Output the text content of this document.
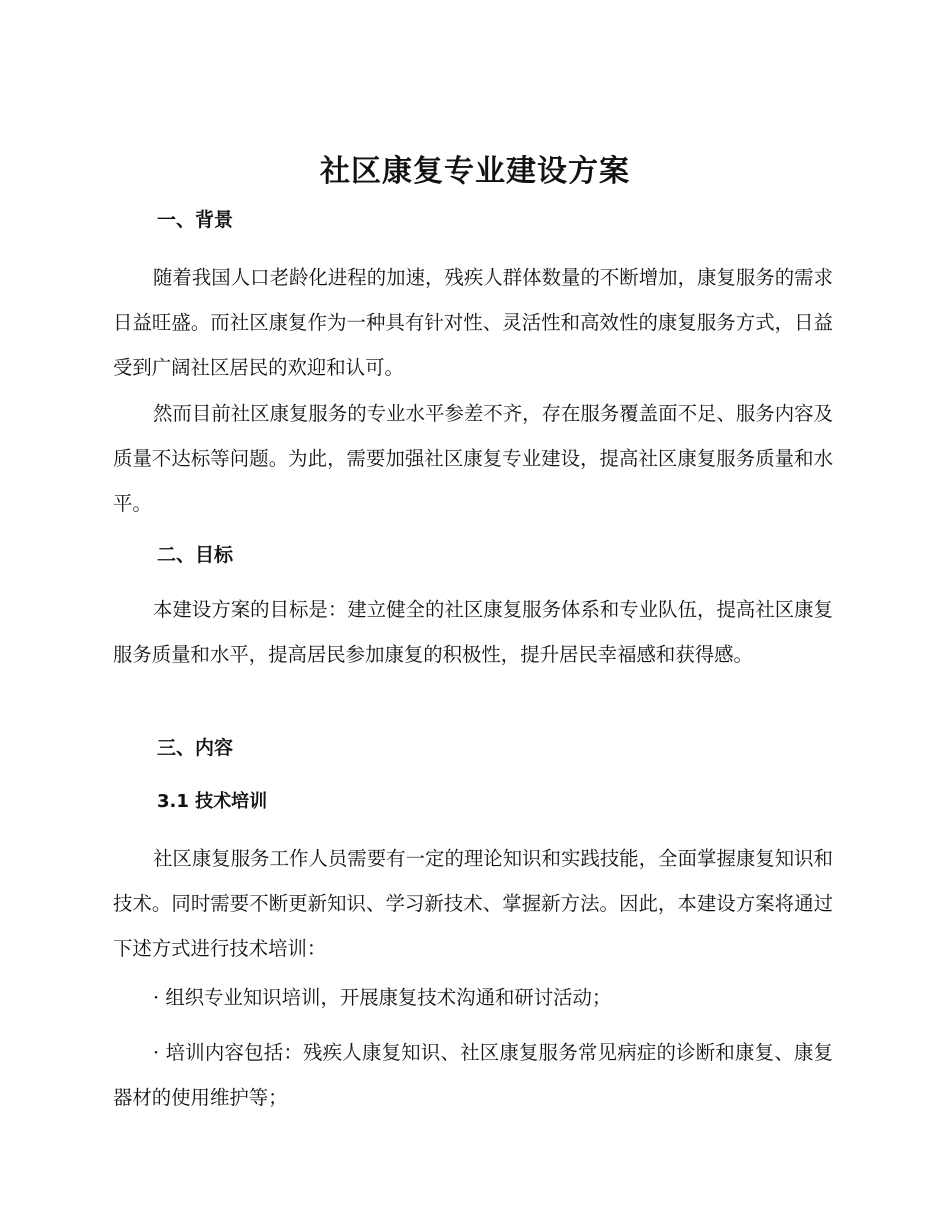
社区康复专业建设方案
一、背景

随着我国人口老龄化进程的加速，残疾人群体数量的不断增加，康复服务的需求日益旺盛。而社区康复作为一种具有针对性、灵活性和高效性的康复服务方式，日益受到广阔社区居民的欢迎和认可。

然而目前社区康复服务的专业水平参差不齐，存在服务覆盖面不足、服务内容及质量不达标等问题。为此，需要加强社区康复专业建设，提高社区康复服务质量和水平。

二、目标

本建设方案的目标是：建立健全的社区康复服务体系和专业队伍，提高社区康复服务质量和水平，提高居民参加康复的积极性，提升居民幸福感和获得感。

三、内容
3.1 技术培训

社区康复服务工作人员需要有一定的理论知识和实践技能，全面掌握康复知识和技术。同时需要不断更新知识、学习新技术、掌握新方法。因此，本建设方案将通过下述方式进行技术培训：

· 组织专业知识培训，开展康复技术沟通和研讨活动；

· 培训内容包括：残疾人康复知识、社区康复服务常见病症的诊断和康复、康复器材的使用维护等；
